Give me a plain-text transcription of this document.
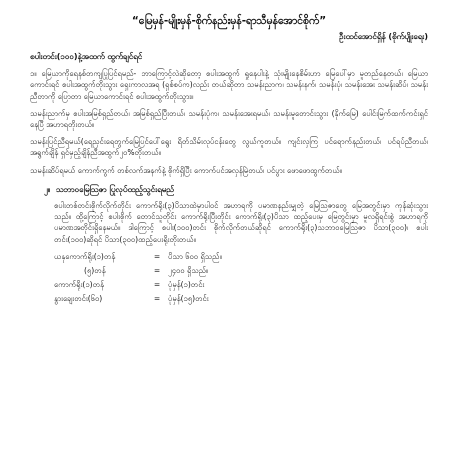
“မြေမှန်-မျိုးမှန်-စိုက်နည်းမှန်-ရာသီမှန်အောင်စိုက်”
ဦးထင်အောင်ရှိန် (စိုက်ပျိုးရေး)
စပါးတင်း(၁၀၀)နဲ့အထက် ထွက်ချင်ရင်
၁။ မြေယာကိုရေနစ်တကျပြုပြင်ရမည်- ဘာကြောင့်လဲဆိုတော့ စပါးအထွက် ရှုနေပါးနဲ့ သုံးမျိုးနေစိမ်းဟာ မြေပေါ်မှာ မူတည်နေတယ်၊ မြေယာကောင်းရင် စပါးအထွက်တိုးသွား ရှေးကာလအရ (ရှစ်စပ်က)လည်း တယ်ဆိုတာ သမန်းညာက၊ သမန်းနက်၊ သမန်းပုံ၊ သမန်းအေး သမန်းဆိပ်၊ သမန်းညီတာကို ပြောတာ မြေယာကောင်းရင် စပါးအထွက်တိုးသွား။
သမန်းညာက်မှ စပါးအမြစ်ရှည်တယ်၊ အမြစ်ရှည်ပြီးတယ်၊ သမန်းပုံက၊ သမန်းအေးရမယ်၊ သမန်းမူတောင်းသွား (နိုက်မြေ) ပေါင်းမြက်ထက်ကင်းရှင်နေပြီ အဟာရတိုးတယ်။
သမန်းပြင်ညီရမယ်(ရေညှင်းရေတွက်မြေပြင်ပေါ်ရွေး ရိတ်သိမ်းလုပ်ငန်းတွေ လွယ်ကူတယ်။ ကျင်းလှကြ ပင်ရောက်နည်းတယ်၊ ပင်ရပ်ညီတယ်၊ အရွက်ချိန် ရှင်မှည့်ချိန်ညီအထွက်၂၀%တိုးတယ်။
သမန်းဆိပ်ရမယ် ကောက်ကွက် တစ်လက်အနက်နဲ့ စိုက်ရှိပြီး ကောက်ပင်အလှန်မြဲတယ်၊ ပင်ပွား ဖောဖောထွက်တယ်။
၂။ သဘာဝမြေဩဇာ ပြုလုပ်ထည့်သွင်းရမည်
စပါးတစ်တင်းစိုက်လိုက်တိုင်း ကောက်ရိုး(၃)ပိသာထဲမှာပါဝင် အဟာရကို ပမာဏနည်းမျှတဲ့ မြေဩဇာတွေ မြေအတွင်းမှာ ကုန်ဆုံးသွားသည်။ ထို့ကြောင့် စပါးစိုက် တောင်သူတိုင်း ကောက်ရိုးပြီးတိုင်း ကောက်ရိုး(၃)ပိသာ ထည့်ပေးမှ မြေတွင်းမှာ မူလရှိရင်းစွဲ အဟာရကို ပမာဏအတိုင်းရှိနေမယ်။ ဒါကြောင့် စပါး(၁၀၀)တင်း စိုက်လိုက်တယ်ဆိုရင် ကောက်ရိုး(၃)သဘာဝမြေဩဇာ ပိသာ(၃၀၀)၊ စပါးတင်း(၁၀၀)ဆိုရင် ပိသာ(၃၀၀)ထည့်ပေးရိုးတိုးတယ်။
ယနုကောက်ရိုး(၁)တန်	=	ပိသာ ၆၀၀ ရှိသည်။
(၅)တန်	=	၂၄၀၀ ရှိသည်။
ကောက်ရိုး(၁)တန်	=	ပုံမှန်(၁)တင်း
နွားချေးတင်း(၆၀)	=	ပုံမှန်(၁၅)တင်း
